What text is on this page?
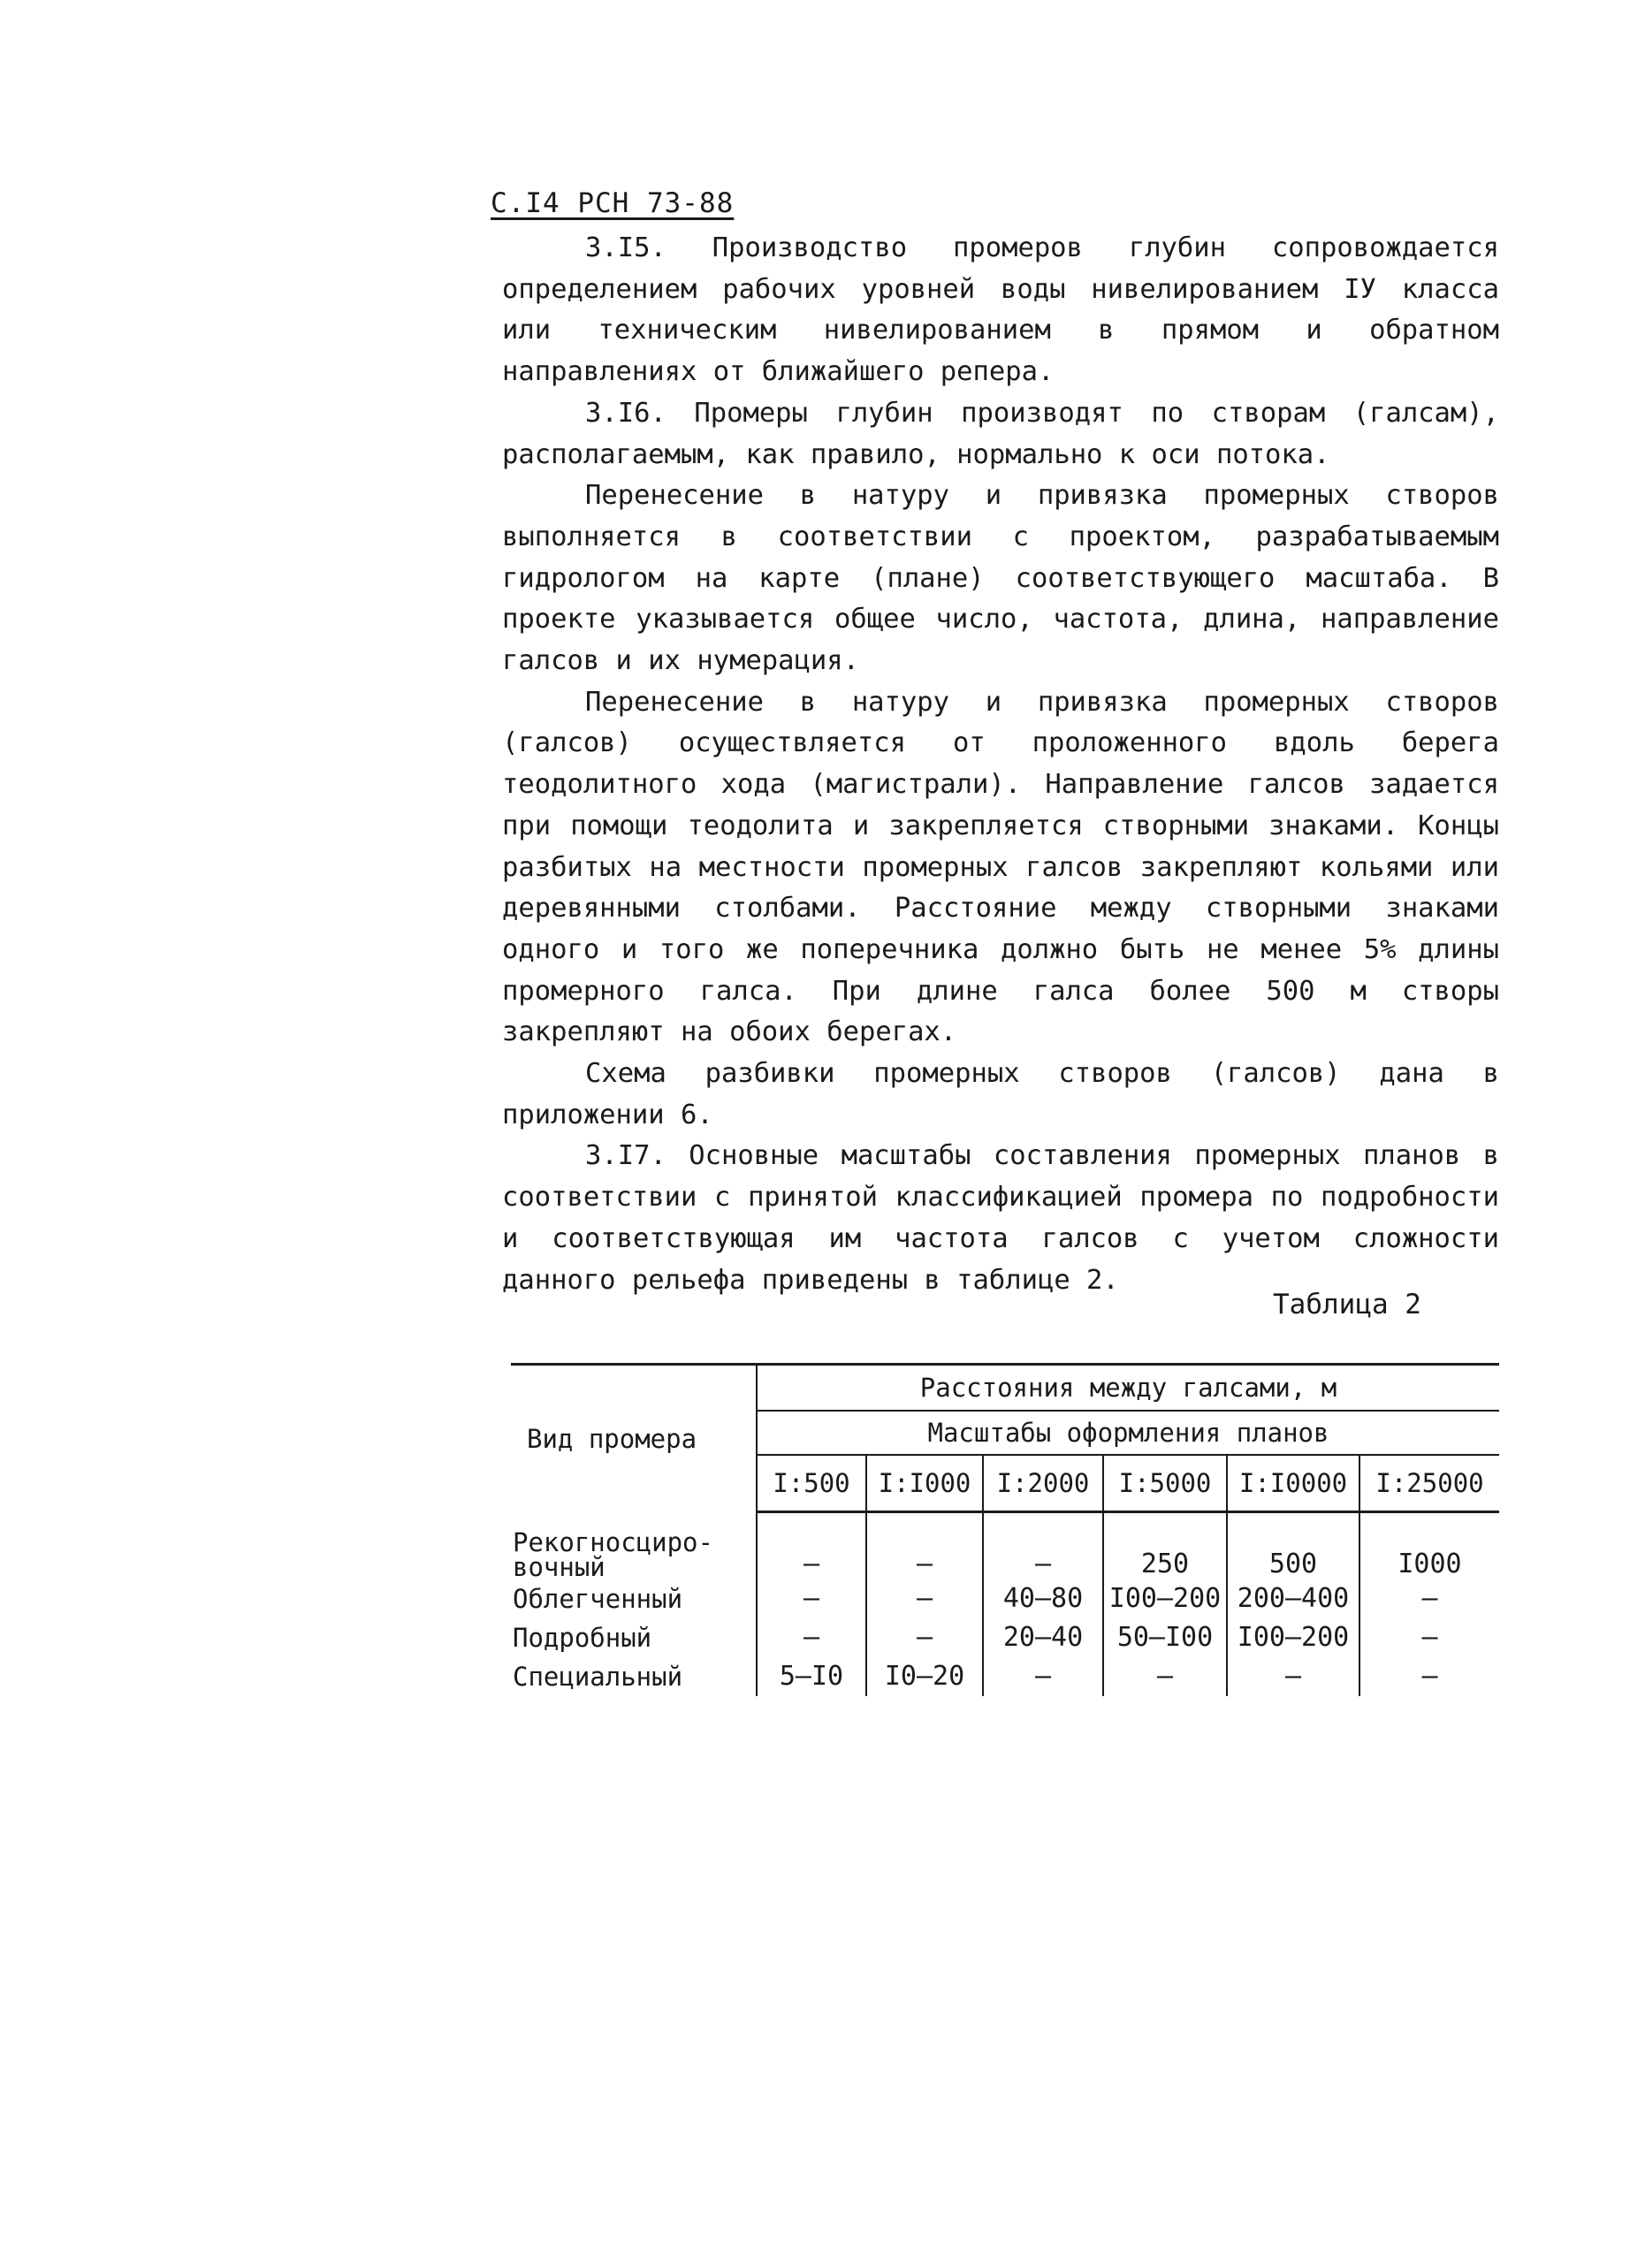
С.I4 РСН 73-88

3.I5. Производство промеров глубин сопровождается определением рабочих уровней воды нивелированием IУ класса или техническим нивелированием в прямом и обратном направлениях от ближайшего репера.

3.I6. Промеры глубин производят по створам (галсам), располагаемым, как правило, нормально к оси потока.

Перенесение в натуру и привязка промерных створов выполняется в соответствии с проектом, разрабатываемым гидрологом на карте (плане) соответствующего масштаба. В проекте указывается общее число, частота, длина, направление галсов и их нумерация.

Перенесение в натуру и привязка промерных створов (галсов) осуществляется от проложенного вдоль берега теодолитного хода (магистрали). Направление галсов задается при помощи теодолита и закрепляется створными знаками. Концы разбитых на местности промерных галсов закрепляют кольями или деревянными столбами. Расстояние между створными знаками одного и того же поперечника должно быть не менее 5% длины промерного галса. При длине галса более 500 м створы закрепляют на обоих берегах.

Схема разбивки промерных створов (галсов) дана в приложении 6.

3.I7. Основные масштабы составления промерных планов в соответствии с принятой классификацией промера по подробности и соответствующая им частота галсов с учетом сложности данного рельефа приведены в таблице 2.

Таблица 2
Вид промера	Расстояния между галсами, м					
	Масштабы оформления планов					
	I:500	I:I000	I:2000	I:5000	I:I0000	I:25000
Рекогносциро-вочный	–	–	–	250	500	I000
Облегченный	–	–	40–80	I00–200	200–400	–
Подробный	–	–	20–40	50–I00	I00–200	–
Специальный	5–I0	I0–20	–	–	–	–
